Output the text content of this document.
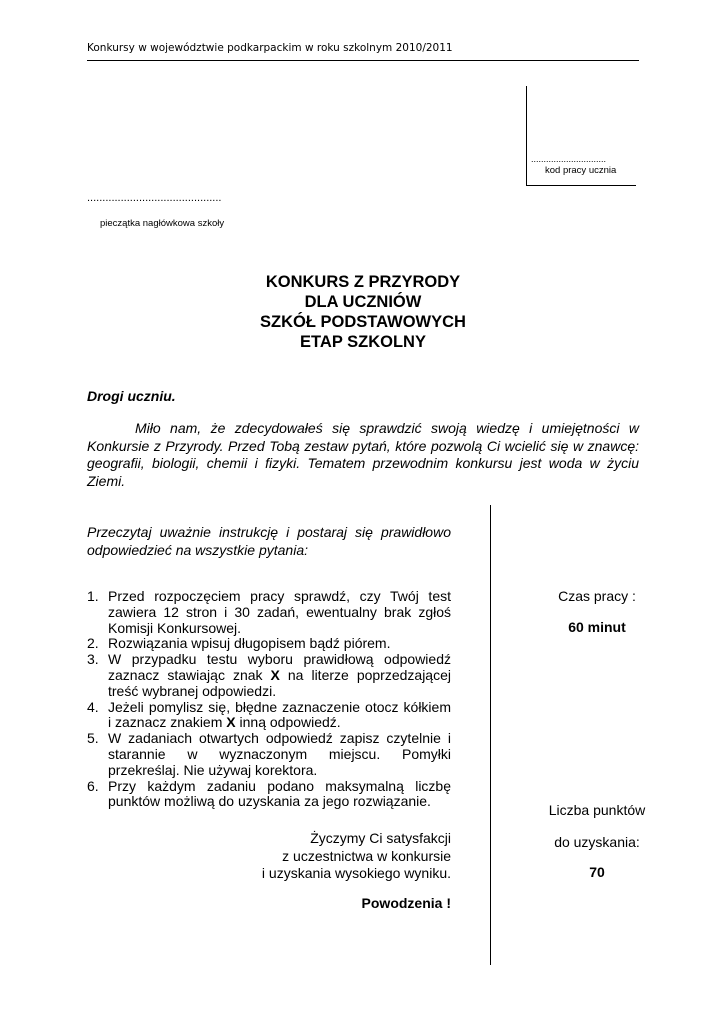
Konkursy w województwie podkarpackim w roku szkolnym 2010/2011
..............................
kod pracy ucznia
............................................
pieczątka nagłówkowa szkoły
KONKURS Z PRZYRODY
DLA UCZNIÓW
SZKÓŁ PODSTAWOWYCH
ETAP SZKOLNY
Drogi uczniu.

Miło nam, że zdecydowałeś się sprawdzić swoją wiedzę i umiejętności w Konkursie z Przyrody. Przed Tobą zestaw pytań, które pozwolą Ci wcielić się w znawcę: geografii, biologii, chemii i fizyki. Tematem przewodnim konkursu jest woda w życiu Ziemi.

Przeczytaj uważnie instrukcję i postaraj się prawidłowo odpowiedzieć na wszystkie pytania:
1. Przed rozpoczęciem pracy sprawdź, czy Twój test zawiera 12 stron i 30 zadań, ewentualny brak zgłoś Komisji Konkursowej.
2. Rozwiązania wpisuj długopisem bądź piórem.
3. W przypadku testu wyboru prawidłową odpowiedź zaznacz stawiając znak X na literze poprzedzającej treść wybranej odpowiedzi.
4. Jeżeli pomylisz się, błędne zaznaczenie otocz kółkiem i zaznacz znakiem X inną odpowiedź.
5. W zadaniach otwartych odpowiedź zapisz czytelnie i starannie w wyznaczonym miejscu. Pomyłki przekreślaj. Nie używaj korektora.
6. Przy każdym zadaniu podano maksymalną liczbę punktów możliwą do uzyskania za jego rozwiązanie.
Życzymy Ci satysfakcji
z uczestnictwa w konkursie
i uzyskania wysokiego wyniku.
Powodzenia !
Czas pracy :
60 minut
Liczba punktów
do uzyskania:
70
